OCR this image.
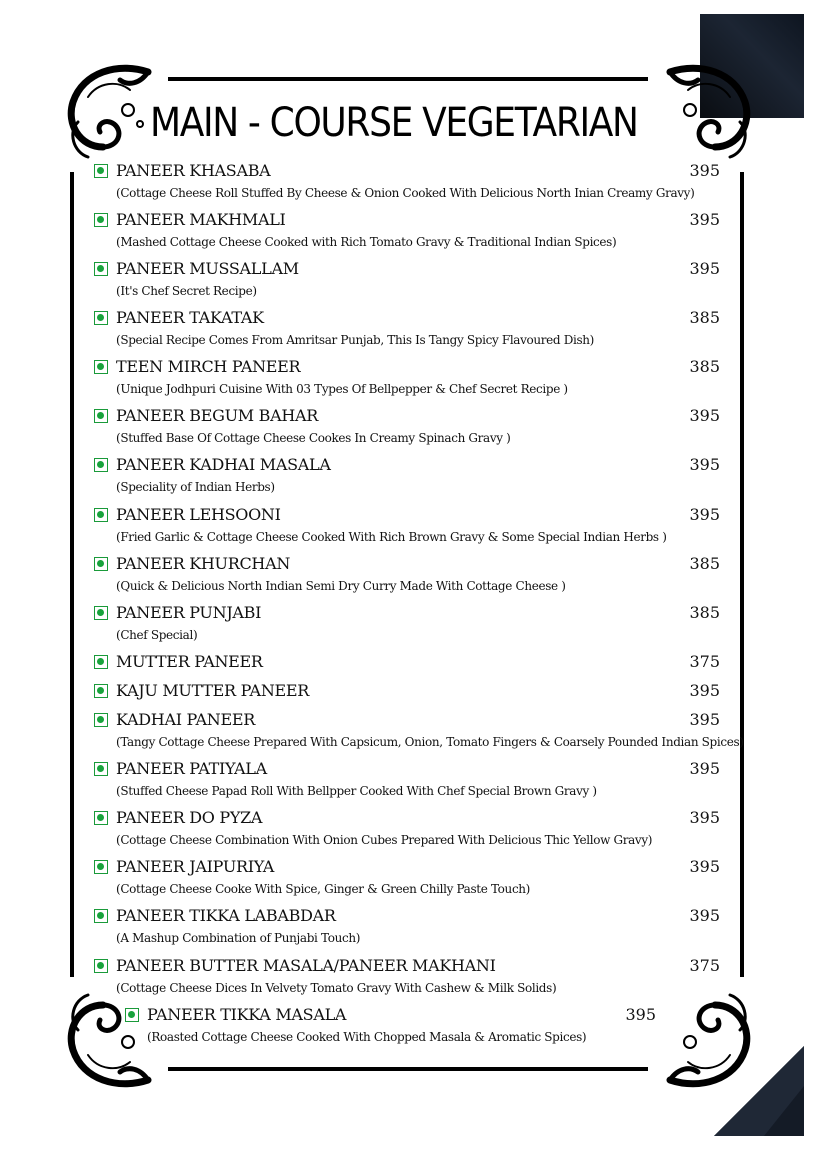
MAIN - COURSE VEGETARIAN
PANEER KHASABA	395
(Cottage Cheese Roll Stuffed By Cheese & Onion Cooked With Delicious North Inian Creamy Gravy)
PANEER MAKHMALI	395
(Mashed Cottage Cheese Cooked with Rich Tomato Gravy & Traditional Indian Spices)
PANEER MUSSALLAM	395
(It's Chef Secret Recipe)
PANEER TAKATAK	385
(Special Recipe Comes From Amritsar Punjab, This Is Tangy Spicy Flavoured Dish)
TEEN MIRCH PANEER	385
(Unique Jodhpuri Cuisine With 03 Types Of Bellpepper & Chef Secret Recipe )
PANEER BEGUM BAHAR	395
(Stuffed Base Of Cottage Cheese Cookes In Creamy Spinach Gravy )
PANEER KADHAI MASALA	395
(Speciality of Indian Herbs)
PANEER LEHSOONI	395
(Fried Garlic & Cottage Cheese Cooked With Rich Brown Gravy & Some Special Indian Herbs )
PANEER KHURCHAN	385
(Quick & Delicious North Indian Semi Dry Curry Made With Cottage Cheese )
PANEER PUNJABI	385
(Chef Special)
MUTTER PANEER	375
KAJU MUTTER PANEER	395
KADHAI PANEER	395
(Tangy Cottage Cheese Prepared With Capsicum, Onion, Tomato Fingers & Coarsely Pounded Indian Spices)
PANEER PATIYALA	395
(Stuffed Cheese Papad Roll With Bellpper Cooked With Chef Special Brown Gravy )
PANEER DO PYZA	395
(Cottage Cheese Combination With Onion Cubes Prepared With Delicious Thic Yellow Gravy)
PANEER JAIPURIYA	395
(Cottage Cheese Cooke With Spice, Ginger & Green Chilly Paste Touch)
PANEER TIKKA LABABDAR	395
(A Mashup Combination of Punjabi Touch)
PANEER BUTTER MASALA/PANEER MAKHANI	375
(Cottage Cheese Dices In Velvety Tomato Gravy With Cashew & Milk Solids)
PANEER TIKKA MASALA	395
(Roasted Cottage Cheese Cooked With Chopped Masala & Aromatic Spices)
